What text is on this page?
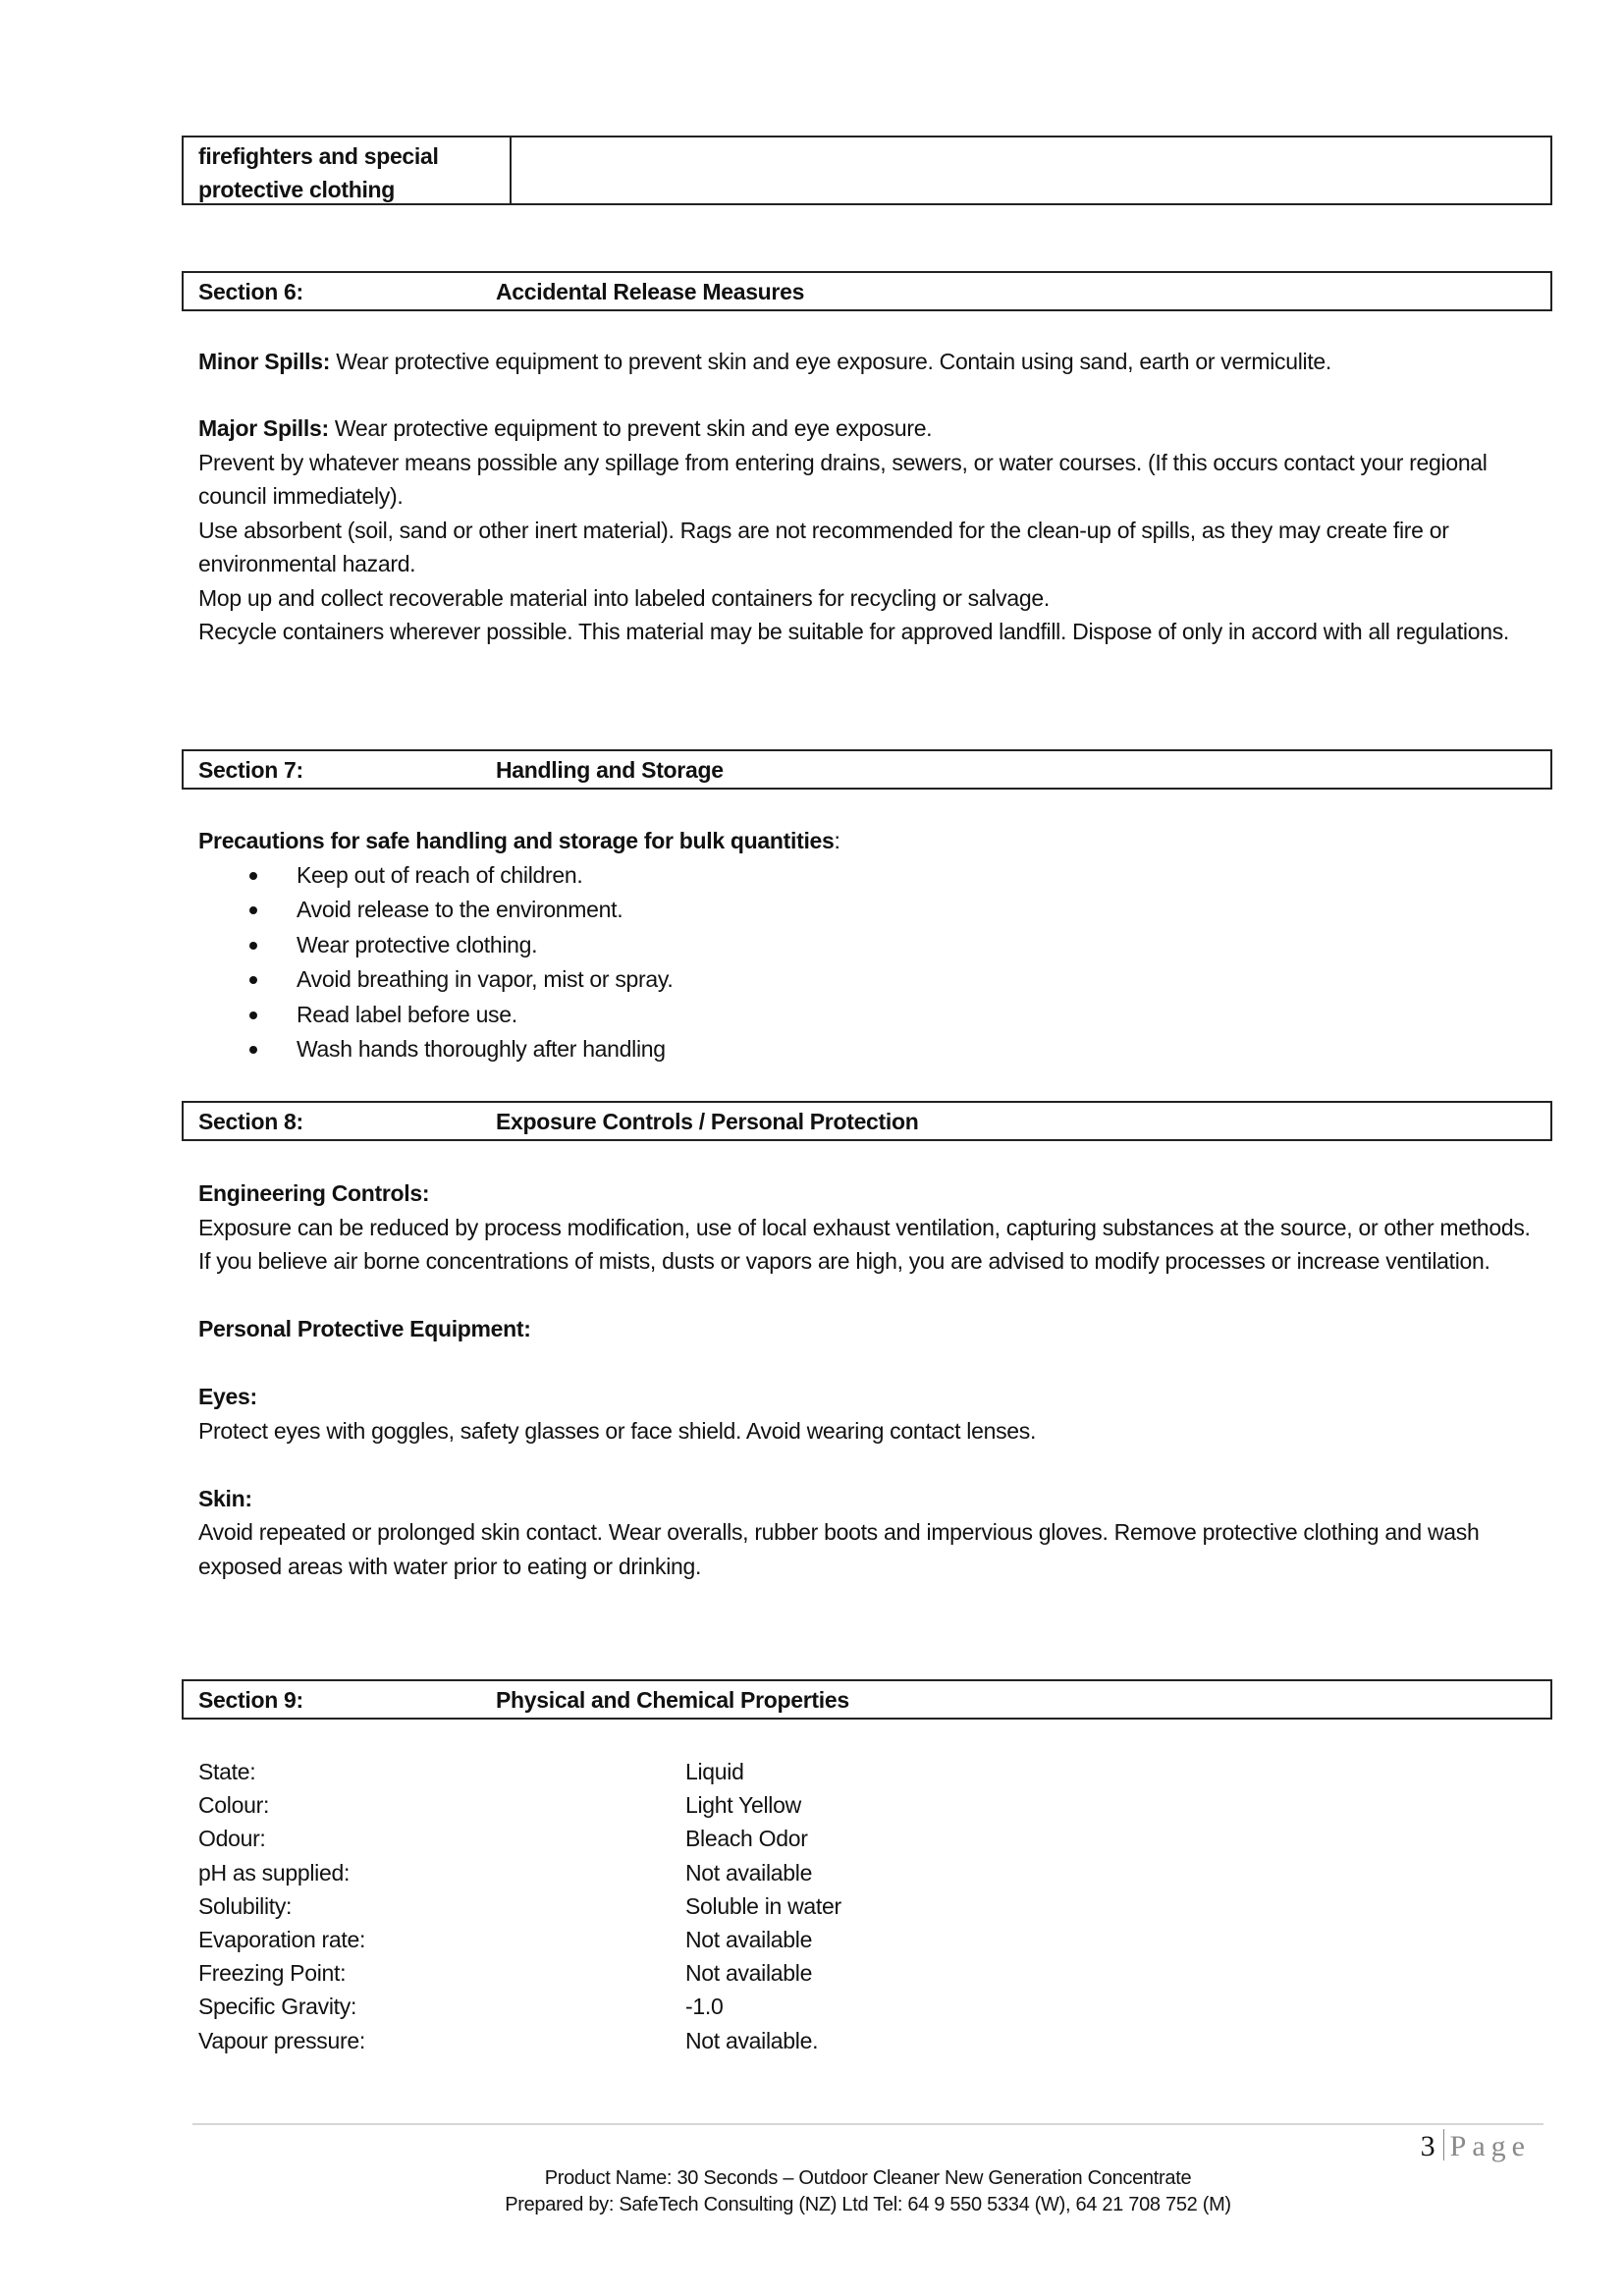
firefighters and special
protective clothing
Section 6:	Accidental Release Measures

Minor Spills: Wear protective equipment to prevent skin and eye exposure. Contain using sand, earth or vermiculite.

Major Spills: Wear protective equipment to prevent skin and eye exposure.

Prevent by whatever means possible any spillage from entering drains, sewers, or water courses. (If this occurs contact your regional council immediately).

Use absorbent (soil, sand or other inert material). Rags are not recommended for the clean-up of spills, as they may create fire or environmental hazard.

Mop up and collect recoverable material into labeled containers for recycling or salvage.

Recycle containers wherever possible. This material may be suitable for approved landfill. Dispose of only in accord with all regulations.

Section 7:	Handling and Storage

Precautions for safe handling and storage for bulk quantities:

Keep out of reach of children.
Avoid release to the environment.
Wear protective clothing.
Avoid breathing in vapor, mist or spray.
Read label before use.
Wash hands thoroughly after handling
Section 8:	Exposure Controls / Personal Protection

Engineering Controls:

Exposure can be reduced by process modification, use of local exhaust ventilation, capturing substances at the source, or other methods. If you believe air borne concentrations of mists, dusts or vapors are high, you are advised to modify processes or increase ventilation.

Personal Protective Equipment:

Eyes:

Protect eyes with goggles, safety glasses or face shield. Avoid wearing contact lenses.

Skin:

Avoid repeated or prolonged skin contact. Wear overalls, rubber boots and impervious gloves. Remove protective clothing and wash exposed areas with water prior to eating or drinking.

Section 9:	Physical and Chemical Properties
State:	Liquid
Colour:	Light Yellow
Odour:	Bleach Odor
pH as supplied:	Not available
Solubility:	Soluble in water
Evaporation rate:	Not available
Freezing Point:	Not available
Specific Gravity:	-1.0
Vapour pressure:	Not available.
3 Page
Product Name: 30 Seconds – Outdoor Cleaner New Generation Concentrate
Prepared by: SafeTech Consulting (NZ) Ltd Tel: 64 9 550 5334 (W), 64 21 708 752 (M)
